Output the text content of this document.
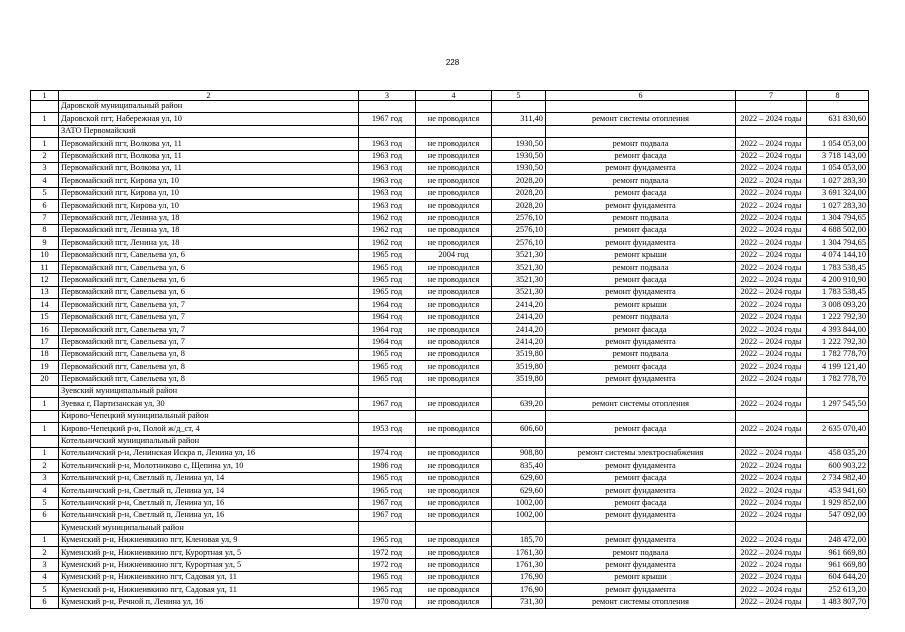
228
1	2	3	4	5	6	7	8
	Даровской муниципальный район						
1	Даровской пгт, Набережная ул, 10	1967 год	не проводился	311,40	ремонт системы отопления	2022 – 2024 годы	631 830,60
	ЗАТО Первомайский						
1	Первомайский пгт, Волкова ул, 11	1963 год	не проводился	1930,50	ремонт подвала	2022 – 2024 годы	1 054 053,00
2	Первомайский пгт, Волкова ул, 11	1963 год	не проводился	1930,50	ремонт фасада	2022 – 2024 годы	3 718 143,00
3	Первомайский пгт, Волкова ул, 11	1963 год	не проводился	1930,50	ремонт фундамента	2022 – 2024 годы	1 054 053,00
4	Первомайский пгт, Кирова ул, 10	1963 год	не проводился	2028,20	ремонт подвала	2022 – 2024 годы	1 027 283,30
5	Первомайский пгт, Кирова ул, 10	1963 год	не проводился	2028,20	ремонт фасада	2022 – 2024 годы	3 691 324,00
6	Первомайский пгт, Кирова ул, 10	1963 год	не проводился	2028,20	ремонт фундамента	2022 – 2024 годы	1 027 283,30
7	Первомайский пгт, Ленина ул, 18	1962 год	не проводился	2576,10	ремонт подвала	2022 – 2024 годы	1 304 794,65
8	Первомайский пгт, Ленина ул, 18	1962 год	не проводился	2576,10	ремонт фасада	2022 – 2024 годы	4 688 502,00
9	Первомайский пгт, Ленина ул, 18	1962 год	не проводился	2576,10	ремонт фундамента	2022 – 2024 годы	1 304 794,65
10	Первомайский пгт, Савельева ул, 6	1965 год	2004 год	3521,30	ремонт крыши	2022 – 2024 годы	4 074 144,10
11	Первомайский пгт, Савельева ул, 6	1965 год	не проводился	3521,30	ремонт подвала	2022 – 2024 годы	1 783 538,45
12	Первомайский пгт, Савельева ул, 6	1965 год	не проводился	3521,30	ремонт фасада	2022 – 2024 годы	4 200 910,90
13	Первомайский пгт, Савельева ул, 6	1965 год	не проводился	3521,30	ремонт фундамента	2022 – 2024 годы	1 783 538,45
14	Первомайский пгт, Савельева ул, 7	1964 год	не проводился	2414,20	ремонт крыши	2022 – 2024 годы	3 008 093,20
15	Первомайский пгт, Савельева ул, 7	1964 год	не проводился	2414,20	ремонт подвала	2022 – 2024 годы	1 222 792,30
16	Первомайский пгт, Савельева ул, 7	1964 год	не проводился	2414,20	ремонт фасада	2022 – 2024 годы	4 393 844,00
17	Первомайский пгт, Савельева ул, 7	1964 год	не проводился	2414,20	ремонт фундамента	2022 – 2024 годы	1 222 792,30
18	Первомайский пгт, Савельева ул, 8	1965 год	не проводился	3519,80	ремонт подвала	2022 – 2024 годы	1 782 778,70
19	Первомайский пгт, Савельева ул, 8	1965 год	не проводился	3519,80	ремонт фасада	2022 – 2024 годы	4 199 121,40
20	Первомайский пгт, Савельева ул, 8	1965 год	не проводился	3519,80	ремонт фундамента	2022 – 2024 годы	1 782 778,70
	Зуевский муниципальный район						
1	Зуевка г, Партизанская ул, 30	1967 год	не проводился	639,20	ремонт системы отопления	2022 – 2024 годы	1 297 545,50
	Кирово-Чепецкий муниципальный район						
1	Кирово-Чепецкий р-н, Полой ж/д_ст, 4	1953 год	не проводился	606,60	ремонт фасада	2022 – 2024 годы	2 635 070,40
	Котельничский муниципальный район						
1	Котельничский р-н, Ленинская Искра п, Ленина ул, 16	1974 год	не проводился	908,80	ремонт системы электроснабжения	2022 – 2024 годы	458 035,20
2	Котельничский р-н, Молотниково с, Щепина ул, 10	1986 год	не проводился	835,40	ремонт фундамента	2022 – 2024 годы	600 903,22
3	Котельничский р-н, Светлый п, Ленина ул, 14	1965 год	не проводился	629,60	ремонт фасада	2022 – 2024 годы	2 734 982,40
4	Котельничский р-н, Светлый п, Ленина ул, 14	1965 год	не проводился	629,60	ремонт фундамента	2022 – 2024 годы	453 941,60
5	Котельничский р-н, Светлый п, Ленина ул, 16	1967 год	не проводился	1002,00	ремонт фасада	2022 – 2024 годы	1 929 852,00
6	Котельничский р-н, Светлый п, Ленина ул, 16	1967 год	не проводился	1002,00	ремонт фундамента	2022 – 2024 годы	547 092,00
	Куменский муниципальный район						
1	Куменский р-н, Нижнеивкино пгт, Кленовая ул, 9	1965 год	не проводился	185,70	ремонт фундамента	2022 – 2024 годы	248 472,00
2	Куменский р-н, Нижнеивкино пгт, Курортная ул, 5	1972 год	не проводился	1761,30	ремонт подвала	2022 – 2024 годы	961 669,80
3	Куменский р-н, Нижнеивкино пгт, Курортная ул, 5	1972 год	не проводился	1761,30	ремонт фундамента	2022 – 2024 годы	961 669,80
4	Куменский р-н, Нижнеивкино пгт, Садовая ул, 11	1965 год	не проводился	176,90	ремонт крыши	2022 – 2024 годы	604 644,20
5	Куменский р-н, Нижнеивкино пгт, Садовая ул, 11	1965 год	не проводился	176,90	ремонт фундамента	2022 – 2024 годы	252 613,20
6	Куменский р-н, Речной п, Ленина ул, 16	1970 год	не проводился	731,30	ремонт системы отопления	2022 – 2024 годы	1 483 807,70
